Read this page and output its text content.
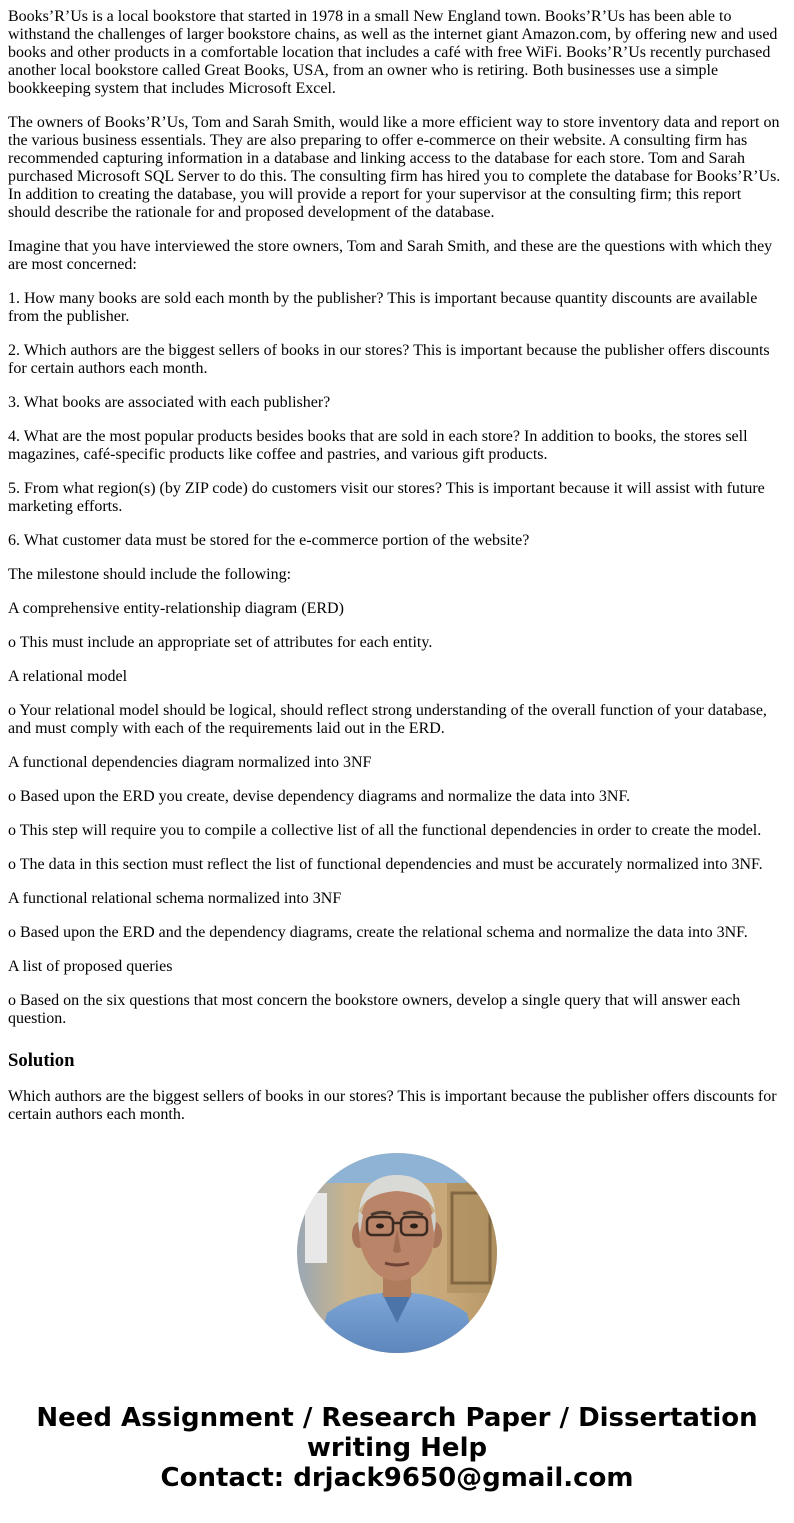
Books’R’Us is a local bookstore that started in 1978 in a small New England town. Books’R’Us has been able to withstand the challenges of larger bookstore chains, as well as the internet giant Amazon.com, by offering new and used books and other products in a comfortable location that includes a café with free WiFi. Books’R’Us recently purchased another local bookstore called Great Books, USA, from an owner who is retiring. Both businesses use a simple bookkeeping system that includes Microsoft Excel.

The owners of Books’R’Us, Tom and Sarah Smith, would like a more efficient way to store inventory data and report on the various business essentials. They are also preparing to offer e-commerce on their website. A consulting firm has recommended capturing information in a database and linking access to the database for each store. Tom and Sarah purchased Microsoft SQL Server to do this. The consulting firm has hired you to complete the database for Books’R’Us. In addition to creating the database, you will provide a report for your supervisor at the consulting firm; this report should describe the rationale for and proposed development of the database.

Imagine that you have interviewed the store owners, Tom and Sarah Smith, and these are the questions with which they are most concerned:

1. How many books are sold each month by the publisher? This is important because quantity discounts are available from the publisher.

2. Which authors are the biggest sellers of books in our stores? This is important because the publisher offers discounts for certain authors each month.

3. What books are associated with each publisher?

4. What are the most popular products besides books that are sold in each store? In addition to books, the stores sell magazines, café-specific products like coffee and pastries, and various gift products.

5. From what region(s) (by ZIP code) do customers visit our stores? This is important because it will assist with future marketing efforts.

6. What customer data must be stored for the e-commerce portion of the website?

The milestone should include the following:

A comprehensive entity-relationship diagram (ERD)

o This must include an appropriate set of attributes for each entity.

A relational model

o Your relational model should be logical, should reflect strong understanding of the overall function of your database, and must comply with each of the requirements laid out in the ERD.

A functional dependencies diagram normalized into 3NF

o Based upon the ERD you create, devise dependency diagrams and normalize the data into 3NF.

o This step will require you to compile a collective list of all the functional dependencies in order to create the model.

o The data in this section must reflect the list of functional dependencies and must be accurately normalized into 3NF.

A functional relational schema normalized into 3NF

o Based upon the ERD and the dependency diagrams, create the relational schema and normalize the data into 3NF.

A list of proposed queries

o Based on the six questions that most concern the bookstore owners, develop a single query that will answer each question.

Solution

Which authors are the biggest sellers of books in our stores? This is important because the publisher offers discounts for certain authors each month.

Need Assignment / Research Paper / Dissertation
writing Help
Contact: drjack9650@gmail.com
